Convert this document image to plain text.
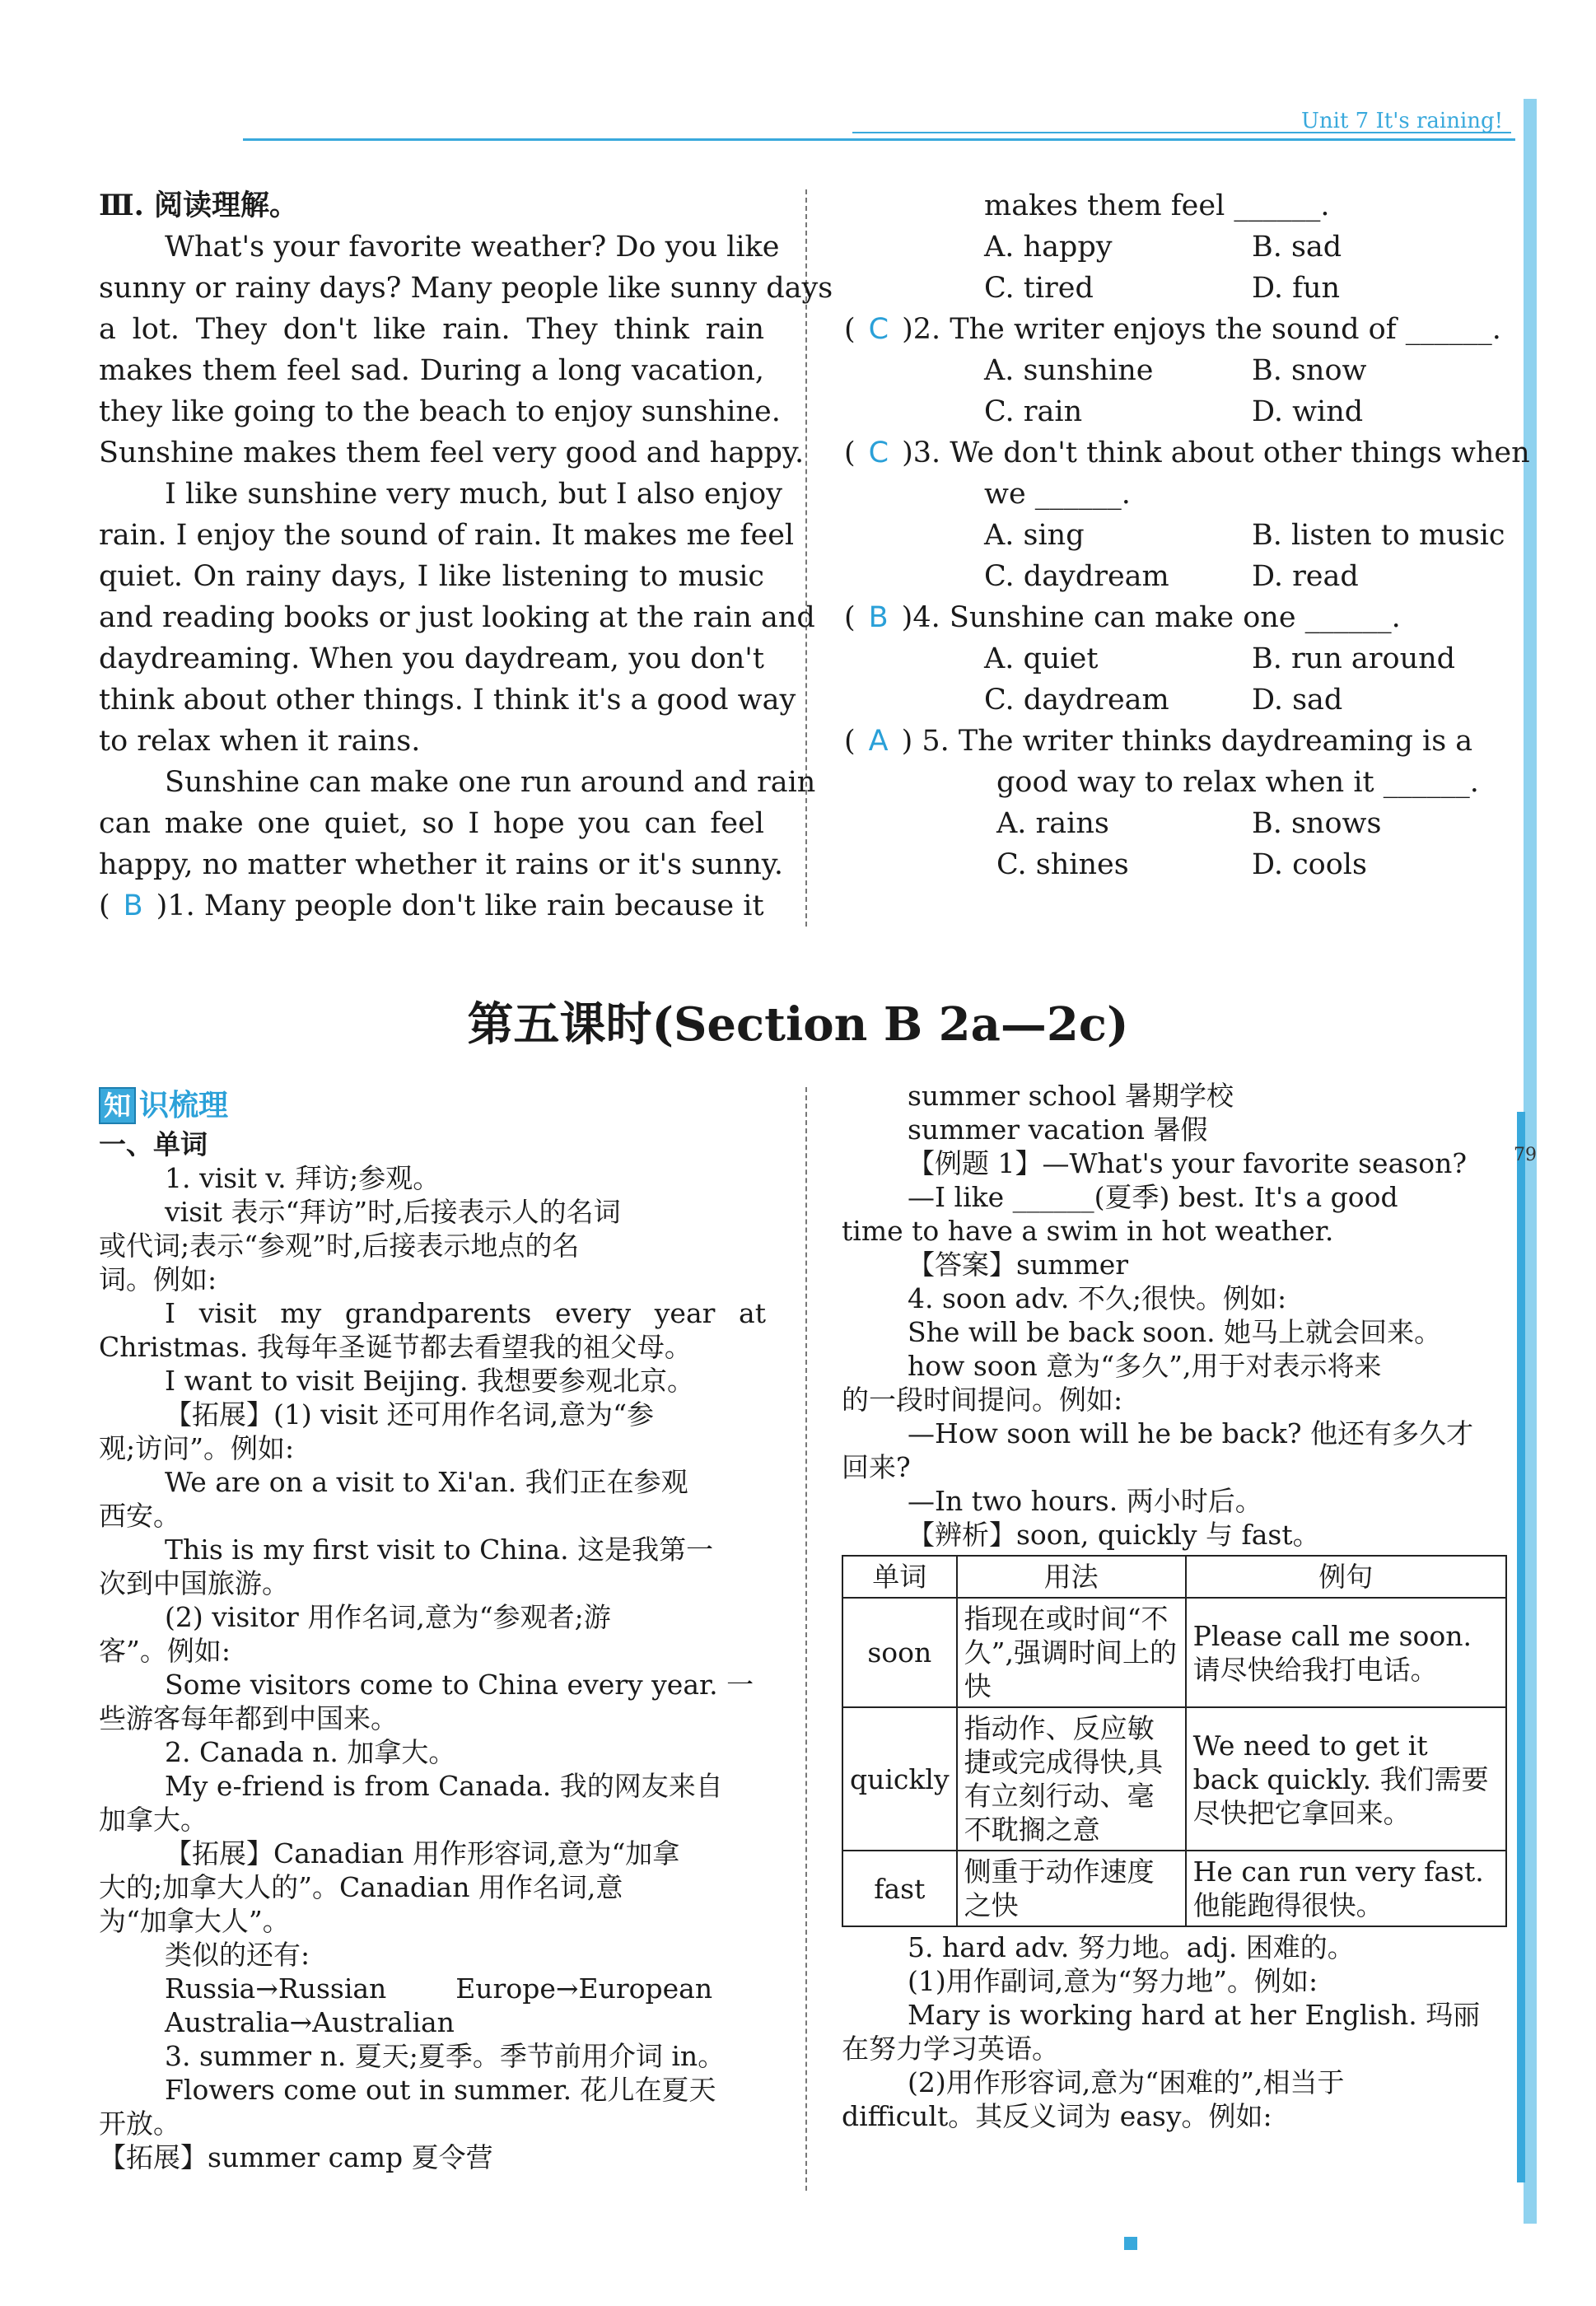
Unit 7 It's raining!
79
Ⅲ. 阅读理解。
What's your favorite weather? Do you like
sunny or rainy days? Many people like sunny days
a lot. They don't like rain. They think rain
makes them feel sad. During a long vacation,
they like going to the beach to enjoy sunshine.
Sunshine makes them feel very good and happy.
I like sunshine very much, but I also enjoy
rain. I enjoy the sound of rain. It makes me feel
quiet. On rainy days, I like listening to music
and reading books or just looking at the rain and
daydreaming. When you daydream, you don't
think about other things. I think it's a good way
to relax when it rains.
Sunshine can make one run around and rain
can make one quiet, so I hope you can feel
happy, no matter whether it rains or it's sunny.
( B )1. Many people don't like rain because it
makes them feel ______.
A. happy	B. sad
C. tired	D. fun
( C )2. The writer enjoys the sound of ______.
A. sunshine	B. snow
C. rain	D. wind
( C )3. We don't think about other things when
we ______.
A. sing	B. listen to music
C. daydream	D. read
( B )4. Sunshine can make one ______.
A. quiet	B. run around
C. daydream	D. sad
( A ) 5. The writer thinks daydreaming is a
good way to relax when it ______.
A. rains	B. snows
C. shines	D. cools
第五课时(Section B 2a—2c)
知 识梳理
一、单词
1. visit v. 拜访;参观。
visit 表示“拜访”时,后接表示人的名词
或代词;表示“参观”时,后接表示地点的名
词。例如:
I visit my grandparents every year at
Christmas. 我每年圣诞节都去看望我的祖父母。
I want to visit Beijing. 我想要参观北京。
【拓展】(1) visit 还可用作名词,意为“参
观;访问”。例如:
We are on a visit to Xi'an. 我们正在参观
西安。
This is my first visit to China. 这是我第一
次到中国旅游。
(2) visitor 用作名词,意为“参观者;游
客”。例如:
Some visitors come to China every year. 一
些游客每年都到中国来。
2. Canada n. 加拿大。
My e-friend is from Canada. 我的网友来自
加拿大。
【拓展】Canadian 用作形容词,意为“加拿
大的;加拿大人的”。Canadian 用作名词,意
为“加拿大人”。
类似的还有:
Russia→Russian        Europe→European
Australia→Australian
3. summer n. 夏天;夏季。季节前用介词 in。
Flowers come out in summer. 花儿在夏天
开放。
【拓展】summer camp 夏令营
summer school 暑期学校
summer vacation 暑假
【例题 1】—What's your favorite season?
—I like ______(夏季) best. It's a good
time to have a swim in hot weather.
【答案】summer
4. soon adv. 不久;很快。例如:
She will be back soon. 她马上就会回来。
how soon 意为“多久”,用于对表示将来
的一段时间提问。例如:
—How soon will he be back? 他还有多久才
回来?
—In two hours. 两小时后。
【辨析】soon, quickly 与 fast。
单词	用法	例句
soon	指现在或时间“不久”,强调时间上的快	Please call me soon. 请尽快给我打电话。
quickly	指动作、反应敏捷或完成得快,具有立刻行动、毫不耽搁之意	We need to get it back quickly. 我们需要尽快把它拿回来。
fast	侧重于动作速度之快	He can run very fast. 他能跑得很快。
5. hard adv. 努力地。adj. 困难的。
(1)用作副词,意为“努力地”。例如:
Mary is working hard at her English. 玛丽
在努力学习英语。
(2)用作形容词,意为“困难的”,相当于
difficult。其反义词为 easy。例如:
